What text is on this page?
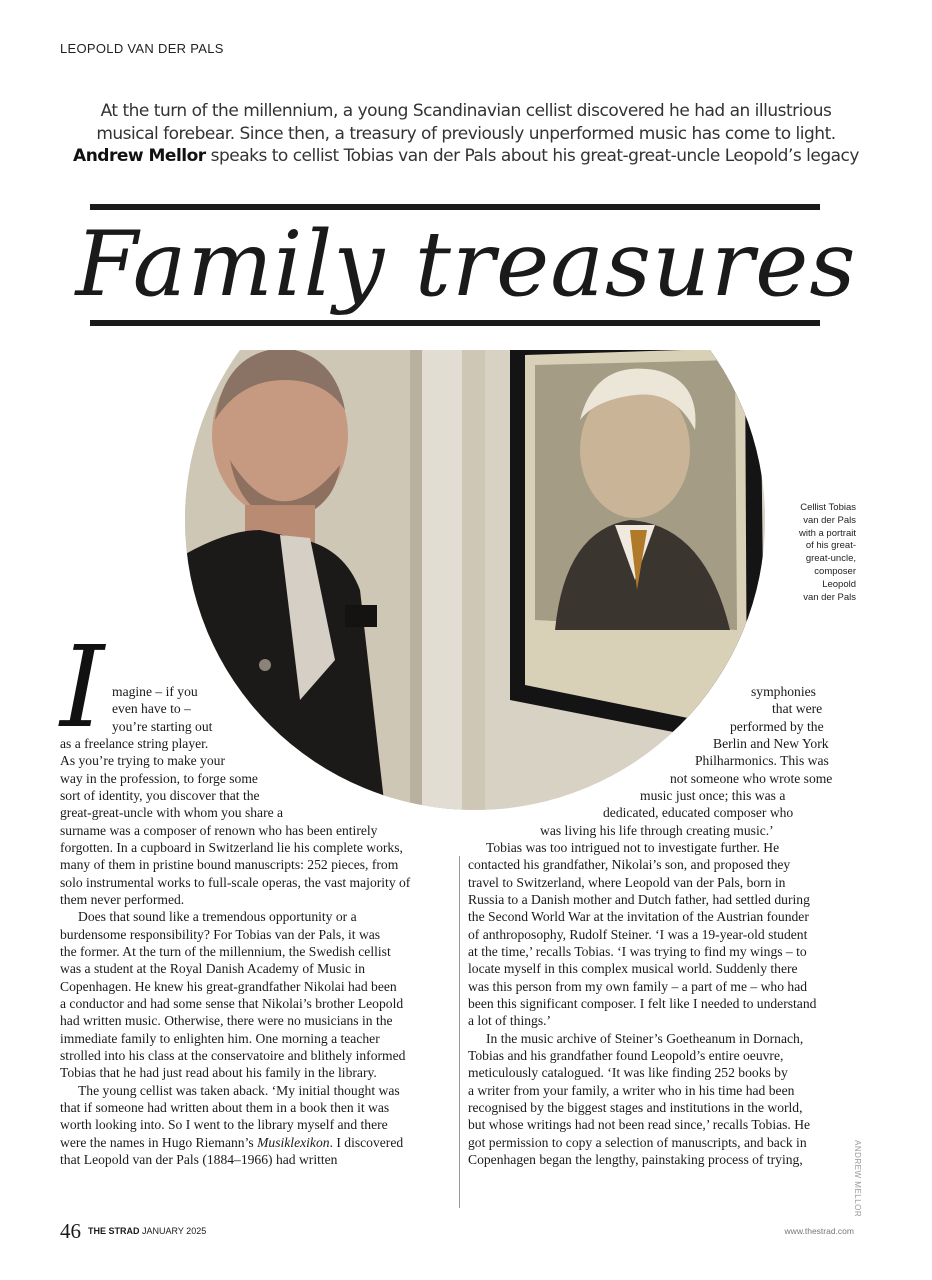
LEOPOLD VAN DER PALS
At the turn of the millennium, a young Scandinavian cellist discovered he had an illustrious
musical forebear. Since then, a treasury of previously unperformed music has come to light.
Andrew Mellor speaks to cellist Tobias van der Pals about his great-great-uncle Leopold’s legacy
Family treasures
Cellist Tobias
van der Pals
with a portrait
of his great-
great-uncle,
composer
Leopold
van der Pals
I magine – if you
even have to –
you’re starting out
as a freelance string player.
As you’re trying to make your
way in the profession, to forge some
sort of identity, you discover that the
great-great-uncle with whom you share a
surname was a composer of renown who has been entirely
forgotten. In a cupboard in Switzerland lie his complete works,
many of them in pristine bound manuscripts: 252 pieces, from
solo instrumental works to full-scale operas, the vast majority of
them never performed.
Does that sound like a tremendous opportunity or a
burdensome responsibility? For Tobias van der Pals, it was
the former. At the turn of the millennium, the Swedish cellist
was a student at the Royal Danish Academy of Music in
Copenhagen. He knew his great-grandfather Nikolai had been
a conductor and had some sense that Nikolai’s brother Leopold
had written music. Otherwise, there were no musicians in the
immediate family to enlighten him. One morning a teacher
strolled into his class at the conservatoire and blithely informed
Tobias that he had just read about his family in the library.
The young cellist was taken aback. ‘My initial thought was
that if someone had written about them in a book then it was
worth looking into. So I went to the library myself and there
were the names in Hugo Riemann’s Musiklexikon. I discovered
that Leopold van der Pals (1884–1966) had written
symphonies
that were
performed by the
Berlin and New York
Philharmonics. This was
not someone who wrote some
music just once; this was a
dedicated, educated composer who
was living his life through creating music.’
Tobias was too intrigued not to investigate further. He
contacted his grandfather, Nikolai’s son, and proposed they
travel to Switzerland, where Leopold van der Pals, born in
Russia to a Danish mother and Dutch father, had settled during
the Second World War at the invitation of the Austrian founder
of anthroposophy, Rudolf Steiner. ‘I was a 19-year-old student
at the time,’ recalls Tobias. ‘I was trying to find my wings – to
locate myself in this complex musical world. Suddenly there
was this person from my own family – a part of me – who had
been this significant composer. I felt like I needed to understand
a lot of things.’
In the music archive of Steiner’s Goetheanum in Dornach,
Tobias and his grandfather found Leopold’s entire oeuvre,
meticulously catalogued. ‘It was like finding 252 books by
a writer from your family, a writer who in his time had been
recognised by the biggest stages and institutions in the world,
but whose writings had not been read since,’ recalls Tobias. He
got permission to copy a selection of manuscripts, and back in
Copenhagen began the lengthy, painstaking process of trying,	ANDREW MELLOR
46 THE STRAD JANUARY 2025	www.thestrad.com
